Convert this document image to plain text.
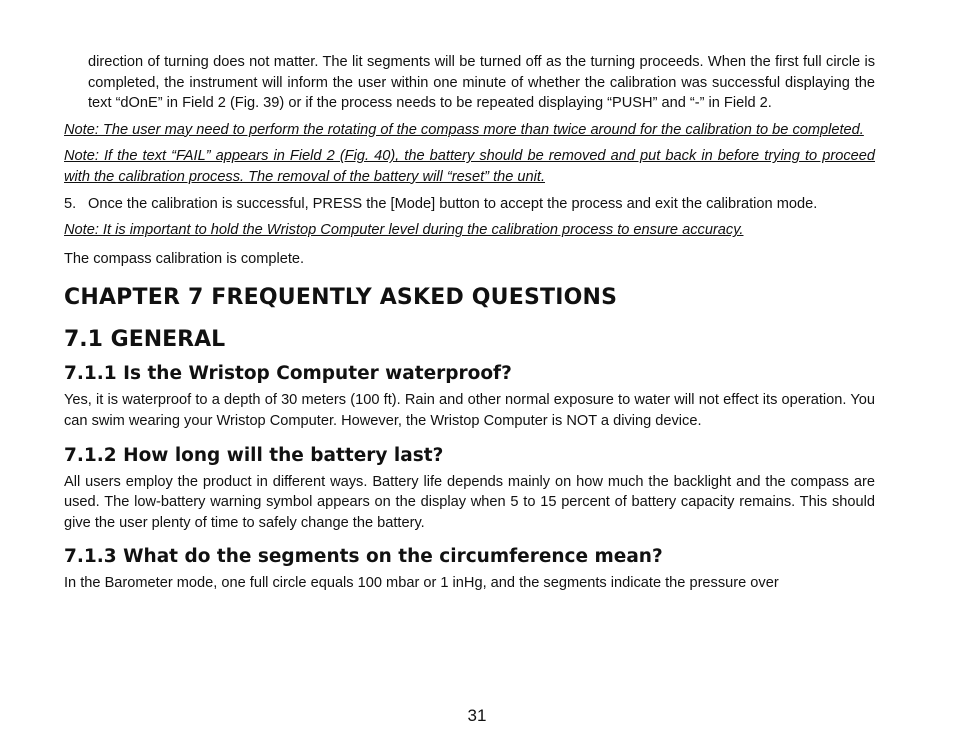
direction of turning does not matter. The lit segments will be turned off as the turning proceeds. When the first full circle is completed, the instrument will inform the user within one minute of whether the calibration was successful displaying the text “dOnE” in Field 2 (Fig. 39) or if the process needs to be repeated displaying “PUSH” and “-” in Field 2.

Note: The user may need to perform the rotating of the compass more than twice around for the calibration to be completed.

Note: If the text “FAIL” appears in Field 2 (Fig. 40), the battery should be removed and put back in before trying to proceed with the calibration process. The removal of the battery will “reset” the unit.

5. Once the calibration is successful, PRESS the [Mode] button to accept the process and exit the calibration mode.

Note: It is important to hold the Wristop Computer level during the calibration process to ensure accuracy.

The compass calibration is complete.

CHAPTER 7 FREQUENTLY ASKED QUESTIONS
7.1 GENERAL
7.1.1 Is the Wristop Computer waterproof?

Yes, it is waterproof to a depth of 30 meters (100 ft). Rain and other normal exposure to water will not effect its operation. You can swim wearing your Wristop Computer. However, the Wristop Computer is NOT a diving device.

7.1.2 How long will the battery last?

All users employ the product in different ways. Battery life depends mainly on how much the backlight and the compass are used. The low-battery warning symbol appears on the display when 5 to 15 percent of battery capacity remains. This should give the user plenty of time to safely change the battery.

7.1.3 What do the segments on the circumference mean?

In the Barometer mode, one full circle equals 100 mbar or 1 inHg, and the segments indicate the pressure over

31
